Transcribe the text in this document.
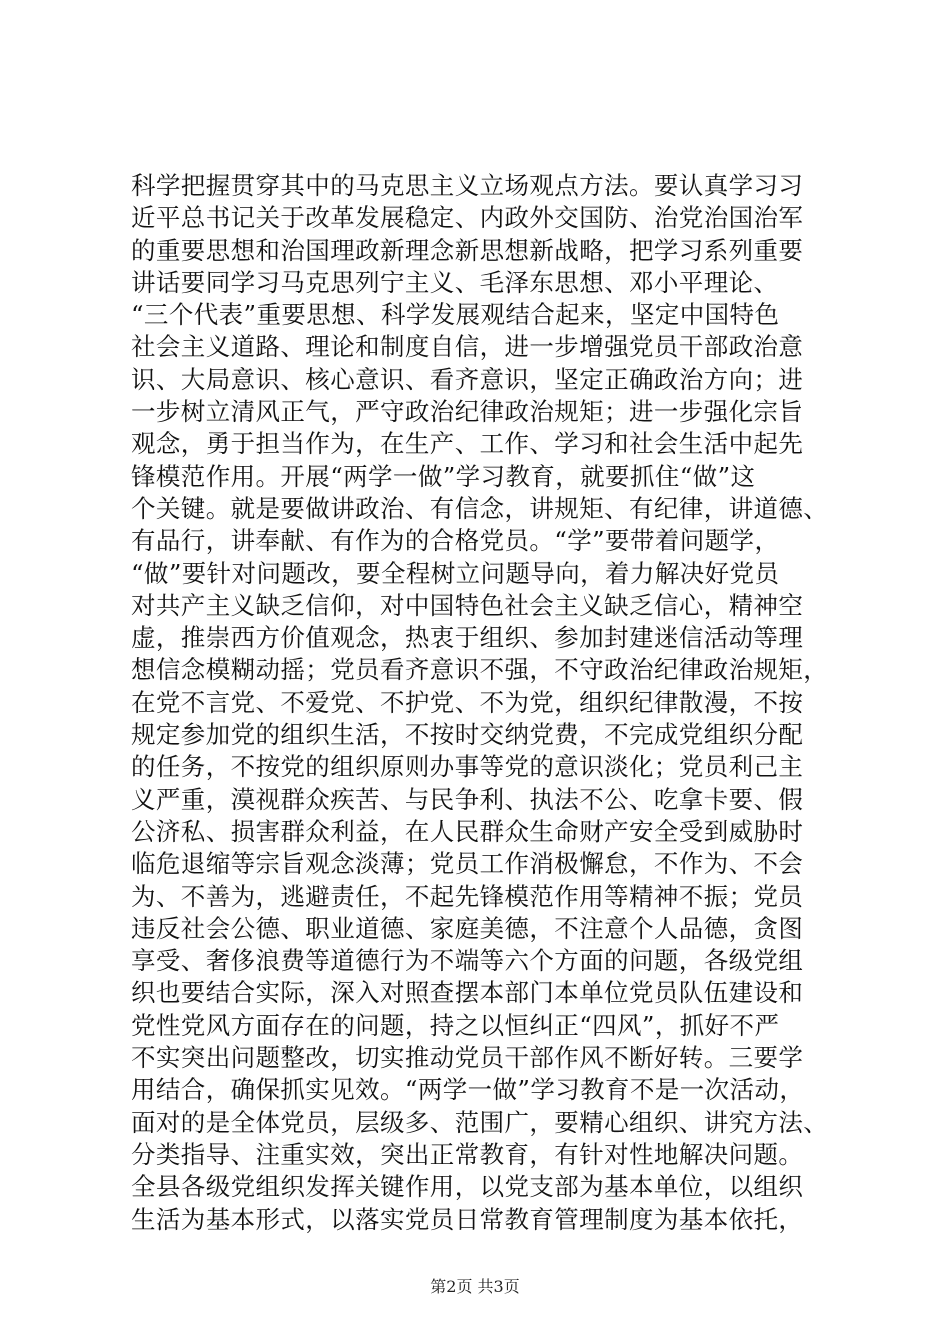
科学把握贯穿其中的马克思主义立场观点方法。要认真学习习
近平总书记关于改革发展稳定、内政外交国防、治党治国治军
的重要思想和治国理政新理念新思想新战略，把学习系列重要
讲话要同学习马克思列宁主义、毛泽东思想、邓小平理论、
“三个代表”重要思想、科学发展观结合起来，坚定中国特色
社会主义道路、理论和制度自信，进一步增强党员干部政治意
识、大局意识、核心意识、看齐意识，坚定正确政治方向；进
一步树立清风正气，严守政治纪律政治规矩；进一步强化宗旨
观念，勇于担当作为，在生产、工作、学习和社会生活中起先
锋模范作用。开展“两学一做”学习教育，就要抓住“做”这
个关键。就是要做讲政治、有信念，讲规矩、有纪律，讲道德、
有品行，讲奉献、有作为的合格党员。“学”要带着问题学，
“做”要针对问题改，要全程树立问题导向，着力解决好党员
对共产主义缺乏信仰，对中国特色社会主义缺乏信心，精神空
虚，推崇西方价值观念，热衷于组织、参加封建迷信活动等理
想信念模糊动摇；党员看齐意识不强，不守政治纪律政治规矩，
在党不言党、不爱党、不护党、不为党，组织纪律散漫，不按
规定参加党的组织生活，不按时交纳党费，不完成党组织分配
的任务，不按党的组织原则办事等党的意识淡化；党员利己主
义严重，漠视群众疾苦、与民争利、执法不公、吃拿卡要、假
公济私、损害群众利益，在人民群众生命财产安全受到威胁时
临危退缩等宗旨观念淡薄；党员工作消极懈怠，不作为、不会
为、不善为，逃避责任，不起先锋模范作用等精神不振；党员
违反社会公德、职业道德、家庭美德，不注意个人品德，贪图
享受、奢侈浪费等道德行为不端等六个方面的问题，各级党组
织也要结合实际，深入对照查摆本部门本单位党员队伍建设和
党性党风方面存在的问题，持之以恒纠正“四风”，抓好不严
不实突出问题整改，切实推动党员干部作风不断好转。三要学
用结合，确保抓实见效。“两学一做”学习教育不是一次活动，
面对的是全体党员，层级多、范围广，要精心组织、讲究方法、
分类指导、注重实效，突出正常教育，有针对性地解决问题。
全县各级党组织发挥关键作用，以党支部为基本单位，以组织
生活为基本形式，以落实党员日常教育管理制度为基本依托，
第2页 共3页
